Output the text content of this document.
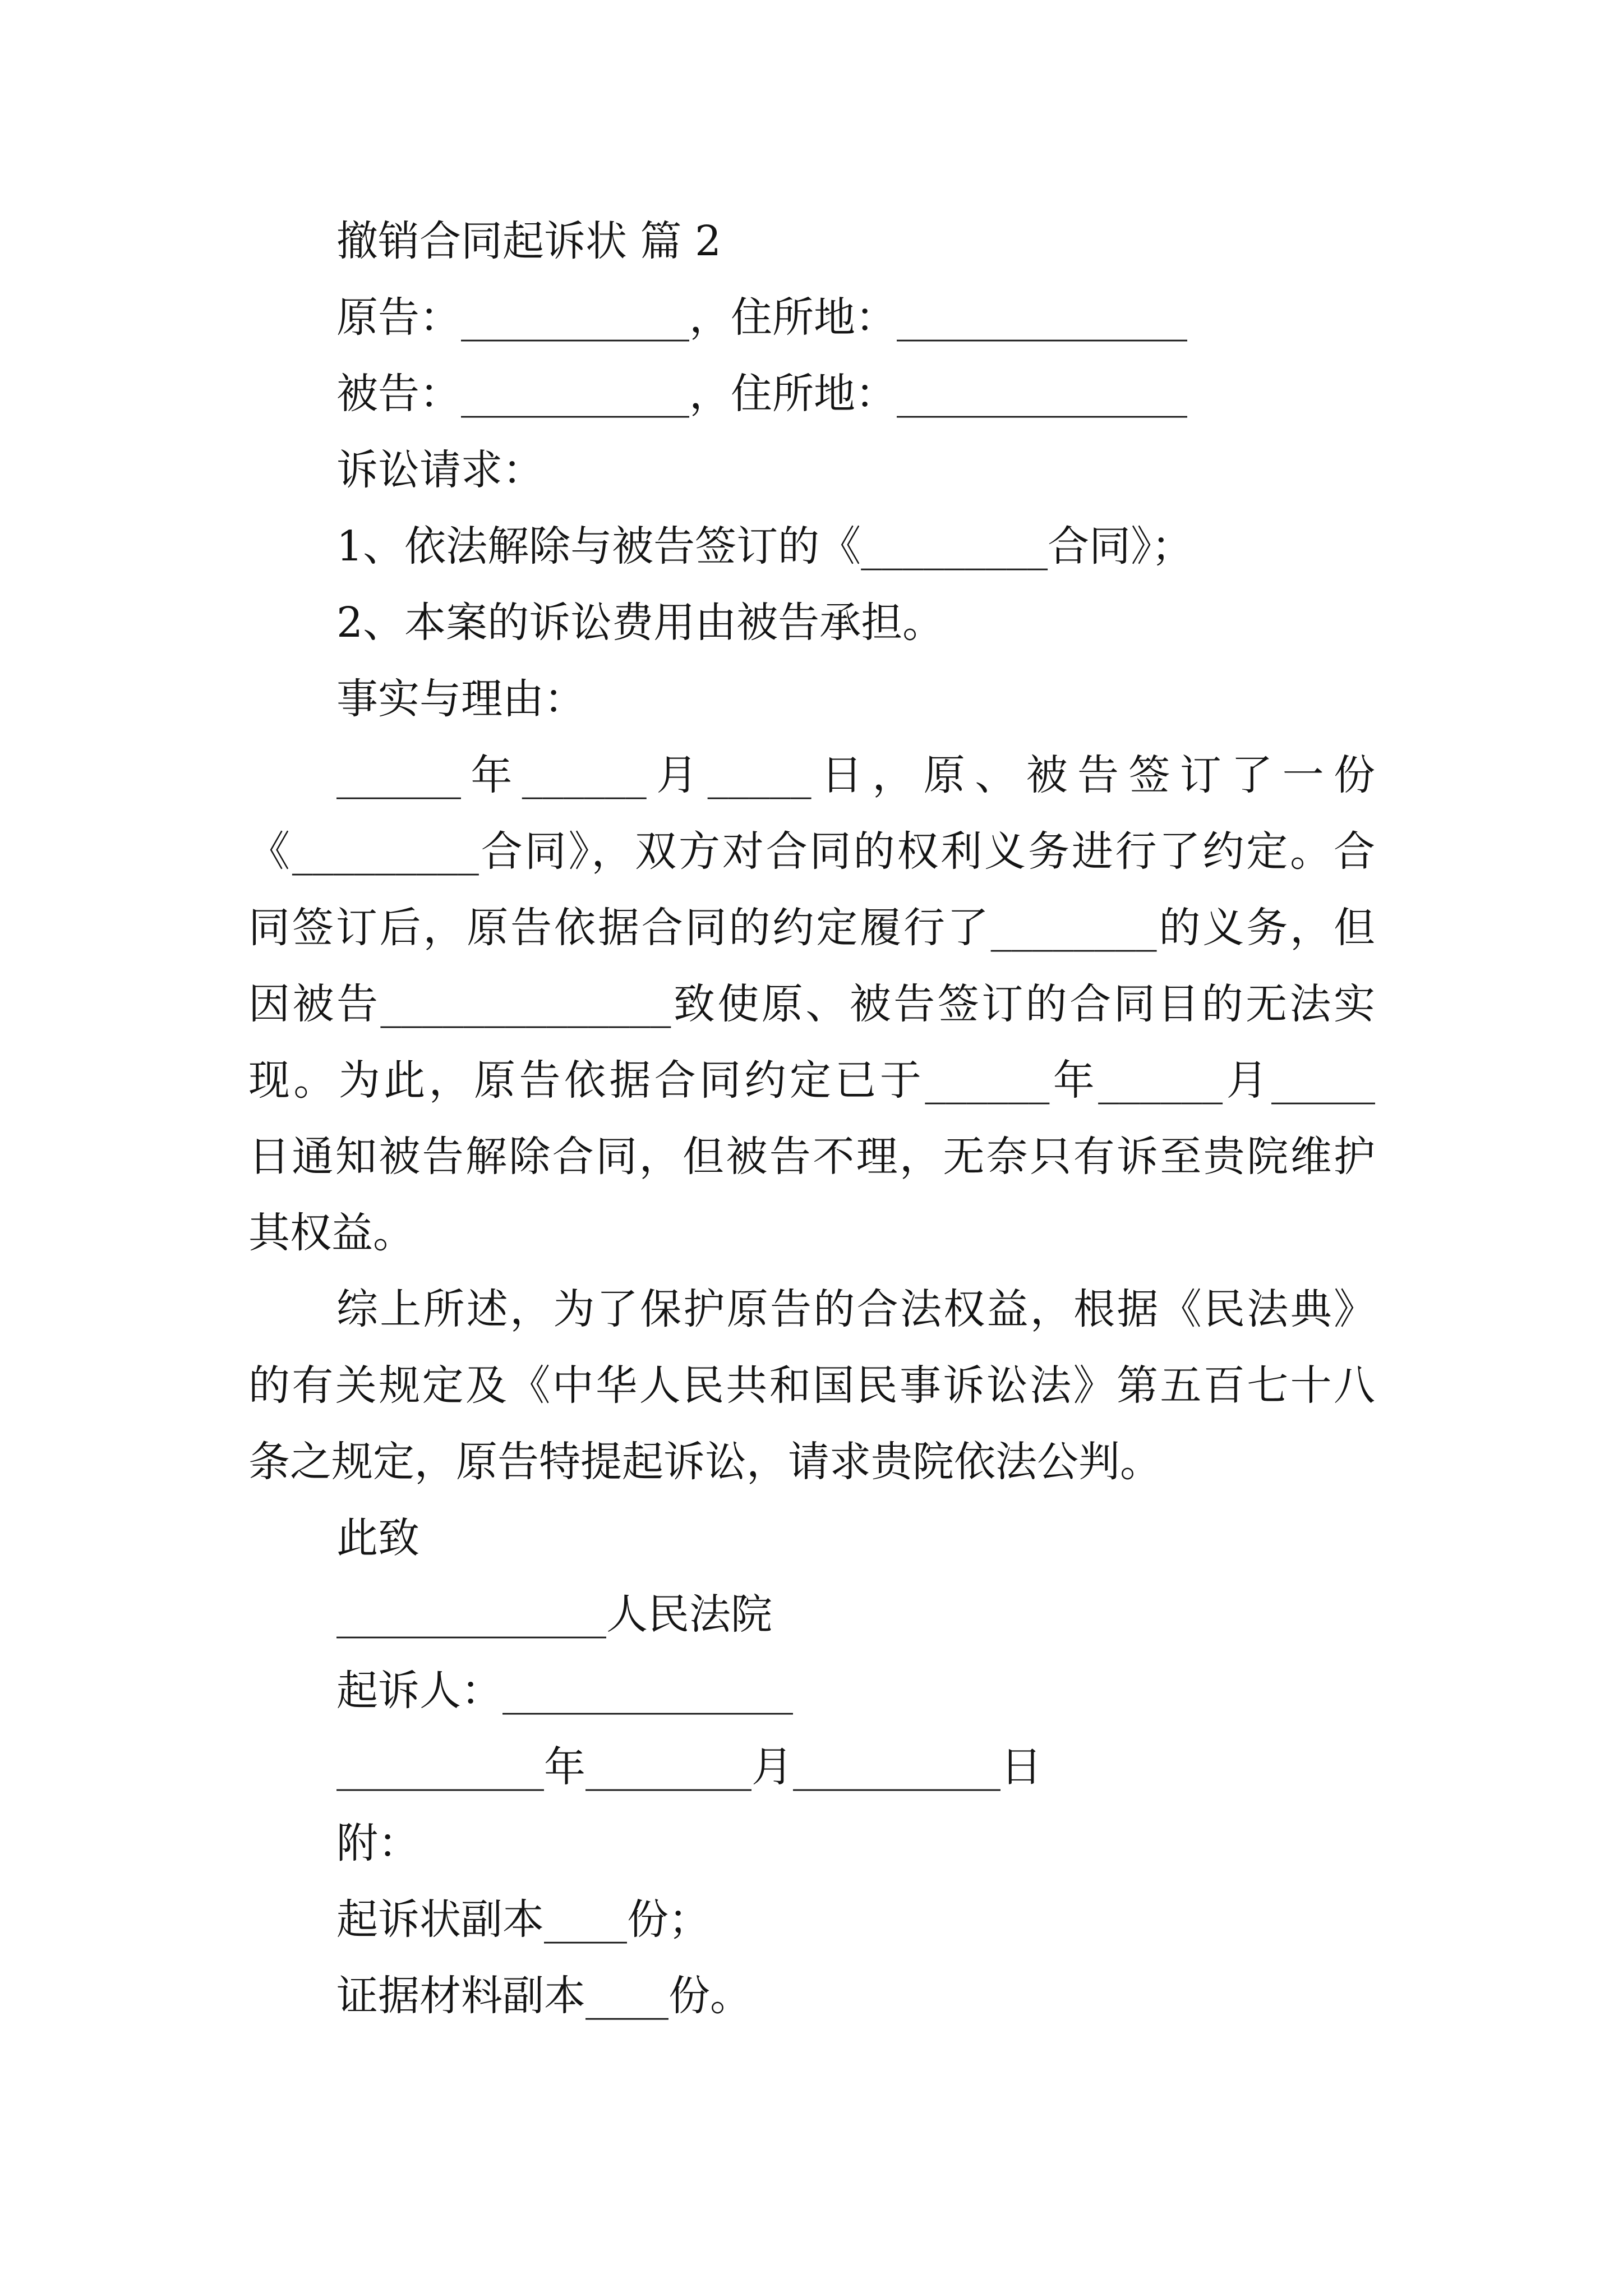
撤销合同起诉状 篇 2
原告：___________，住所地：______________
被告：___________，住所地：______________
诉讼请求：
1、依法解除与被告签订的《_________合同》；
2、本案的诉讼费用由被告承担。
事实与理由：
______年______月_____日，原、被告签订了一份
《_________合同》，双方对合同的权利义务进行了约定。合
同签订后，原告依据合同的约定履行了________的义务，但
因被告______________致使原、被告签订的合同目的无法实
现。为此，原告依据合同约定已于______年______月_____
日通知被告解除合同，但被告不理，无奈只有诉至贵院维护
其权益。
综上所述，为了保护原告的合法权益，根据《民法典》
的有关规定及《中华人民共和国民事诉讼法》第五百七十八
条之规定，原告特提起诉讼，请求贵院依法公判。
此致
_____________人民法院
起诉人：______________
__________年________月__________日
附：
起诉状副本____份；
证据材料副本____份。
